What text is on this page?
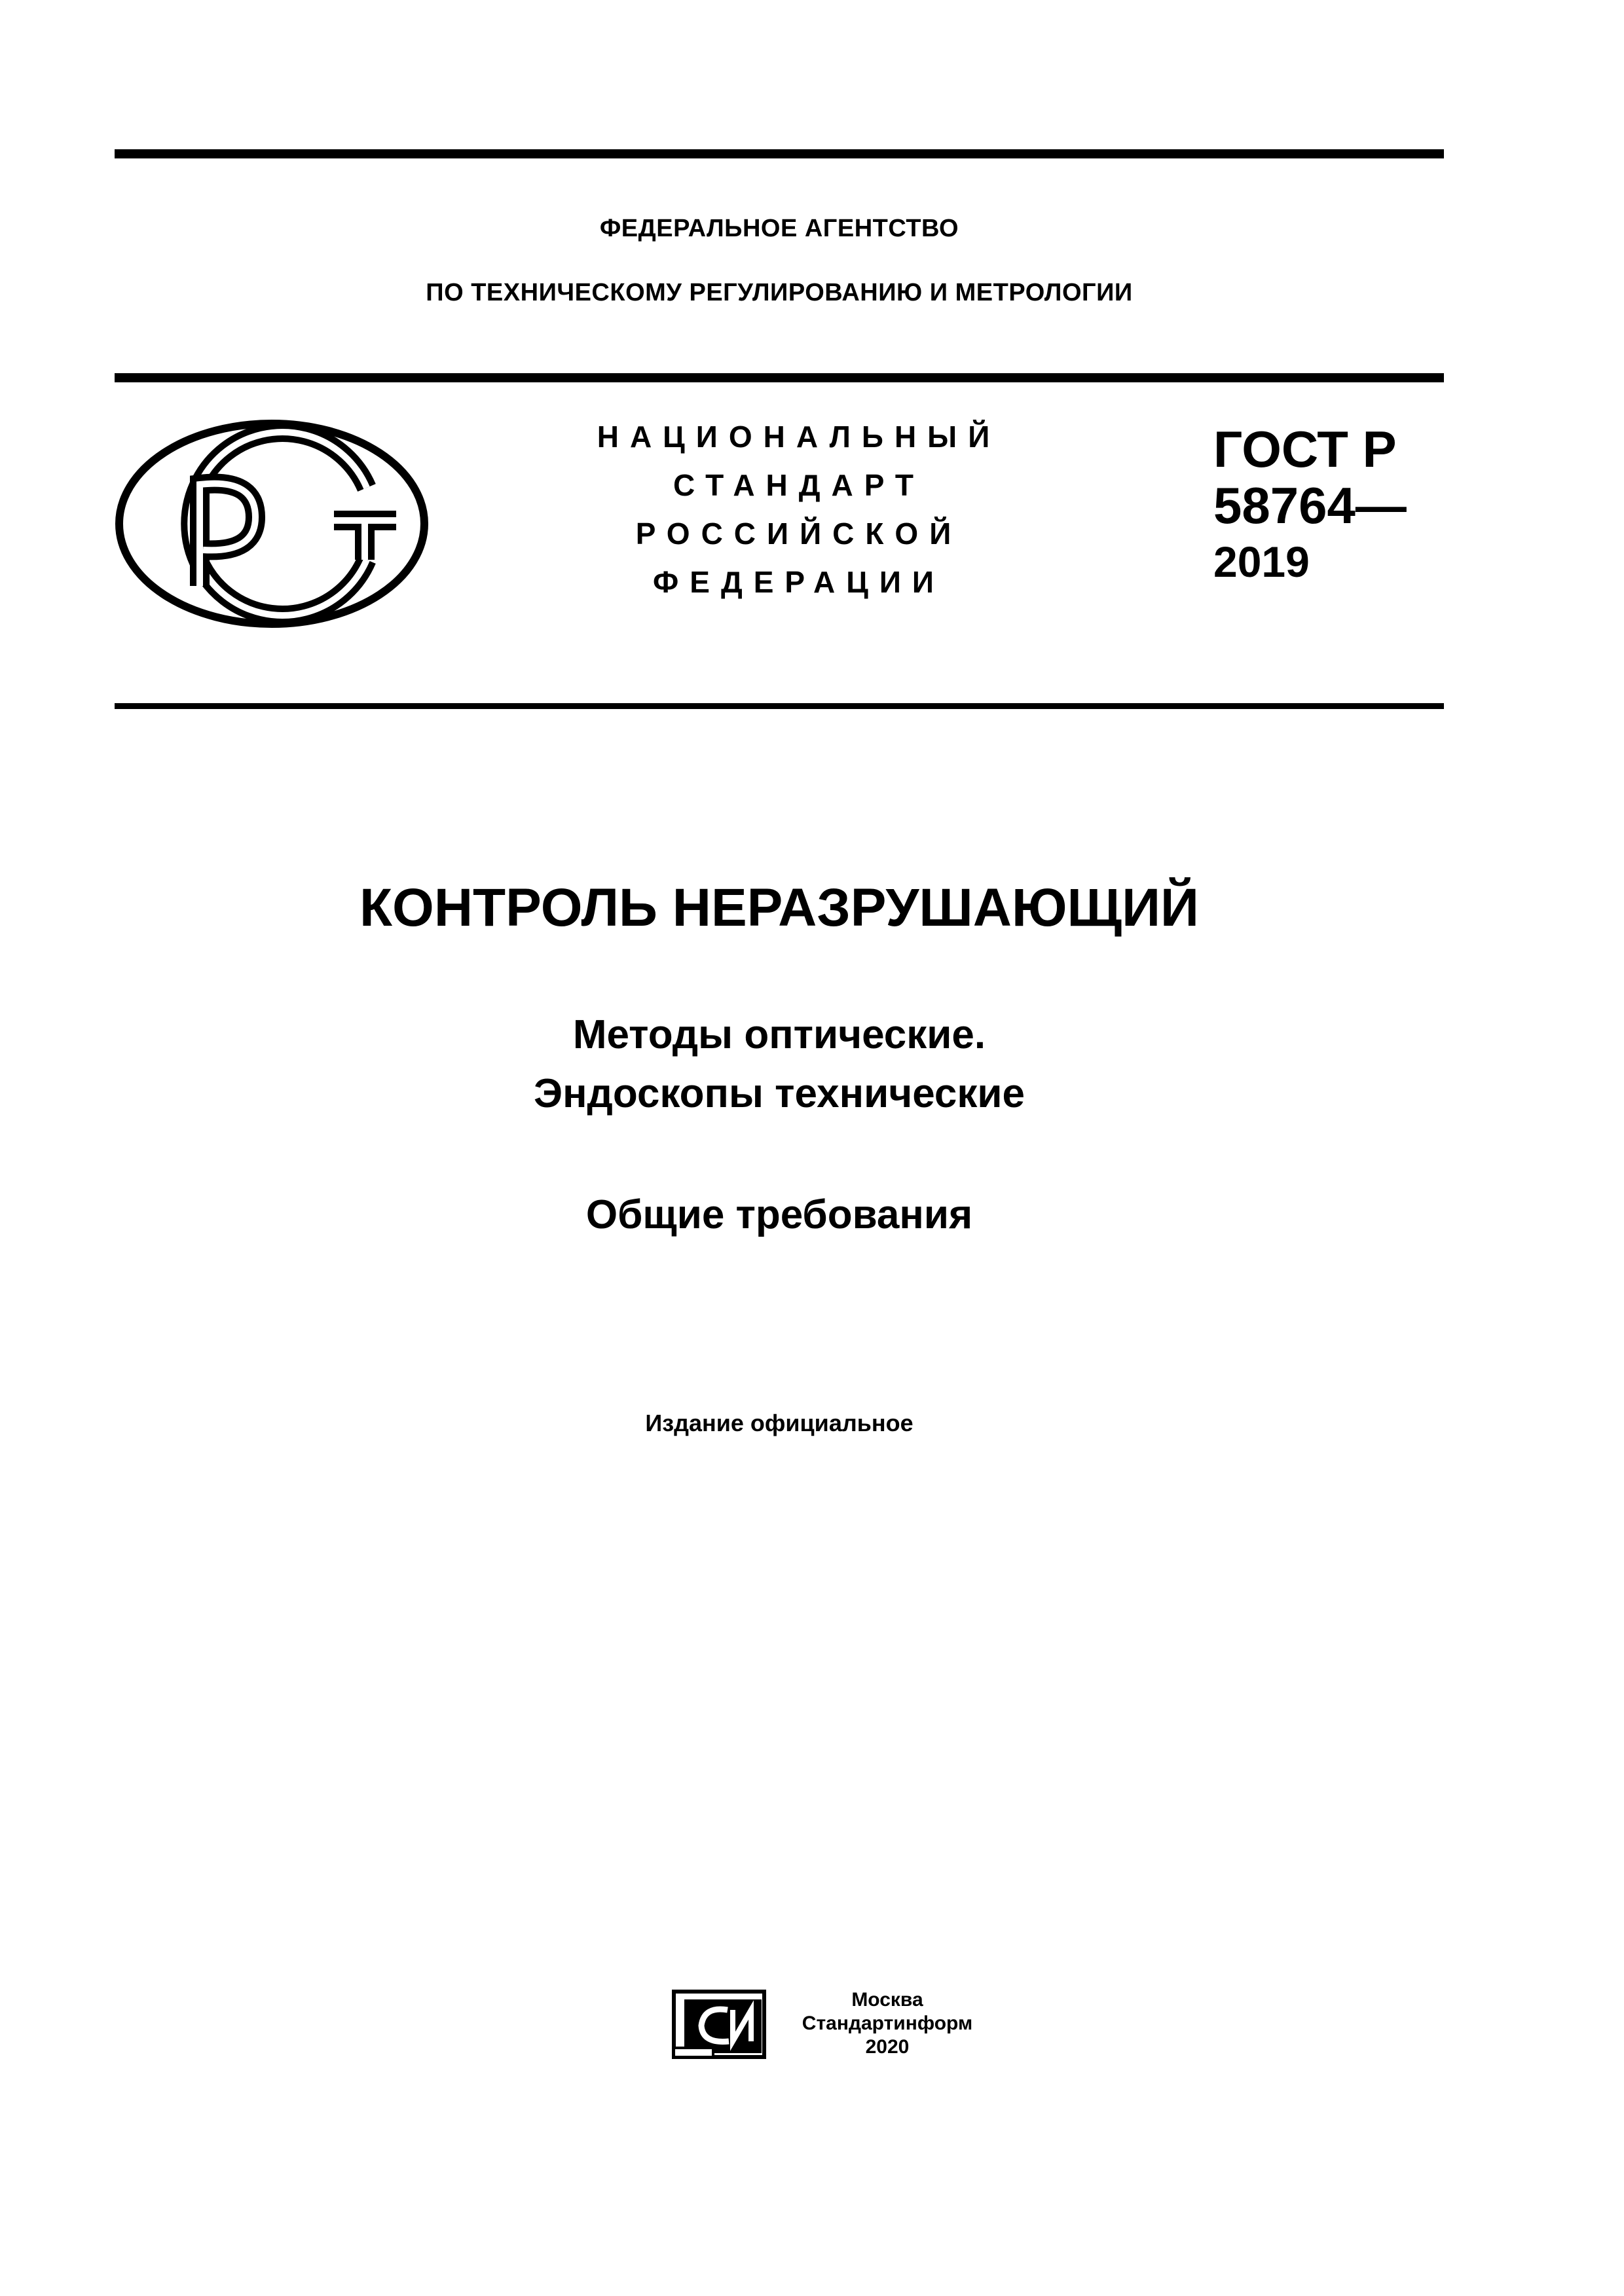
ФЕДЕРАЛЬНОЕ АГЕНТСТВО
ПО ТЕХНИЧЕСКОМУ РЕГУЛИРОВАНИЮ И МЕТРОЛОГИИ
НАЦИОНАЛЬНЫЙ
СТАНДАРТ
РОССИЙСКОЙ
ФЕДЕРАЦИИ
ГОСТ Р
58764—
2019
КОНТРОЛЬ НЕРАЗРУШАЮЩИЙ
Методы оптические.
Эндоскопы технические
Общие требования
Издание официальное
Москва
Стандартинформ
2020
